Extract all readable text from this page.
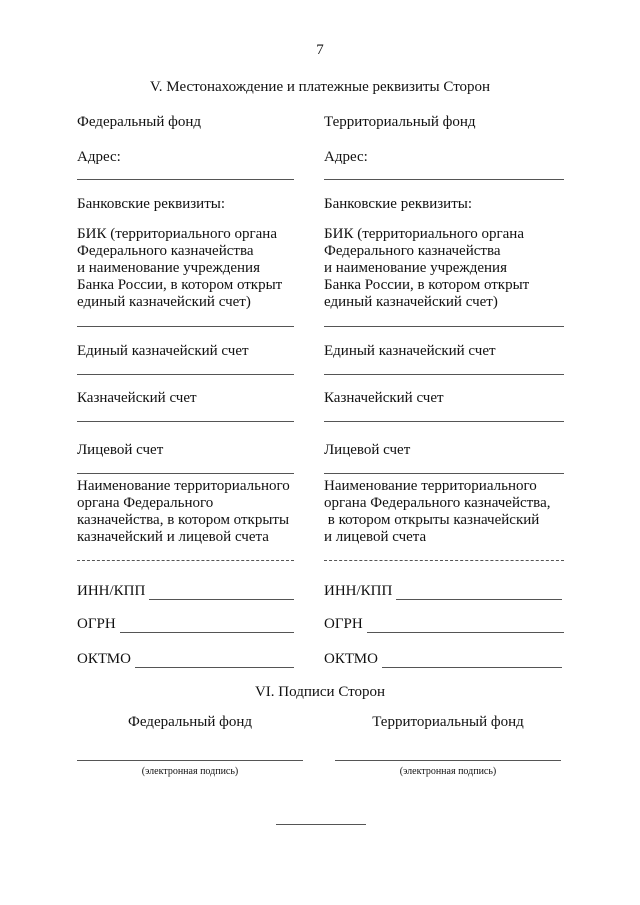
7
V. Местонахождение и платежные реквизиты Сторон
Федеральный фонд
Адрес:
Банковские реквизиты:
БИК (территориального органа
Федерального казначейства
и наименование учреждения
Банка России, в котором открыт
единый казначейский счет)
Единый казначейский счет
Казначейский счет
Лицевой счет
Наименование территориального
органа Федерального
казначейства, в котором открыты
казначейский и лицевой счета
ИНН/КПП
ОГРН
ОКТМО
Территориальный фонд
Адрес:
Банковские реквизиты:
БИК (территориального органа
Федерального казначейства
и наименование учреждения
Банка России, в котором открыт
единый казначейский счет)
Единый казначейский счет
Казначейский счет
Лицевой счет
Наименование территориального
органа Федерального казначейства,
в котором открыты казначейский
и лицевой счета
ИНН/КПП
ОГРН
ОКТМО
VI. Подписи Сторон
Федеральный фонд	Территориальный фонд
(электронная подпись)	(электронная подпись)
